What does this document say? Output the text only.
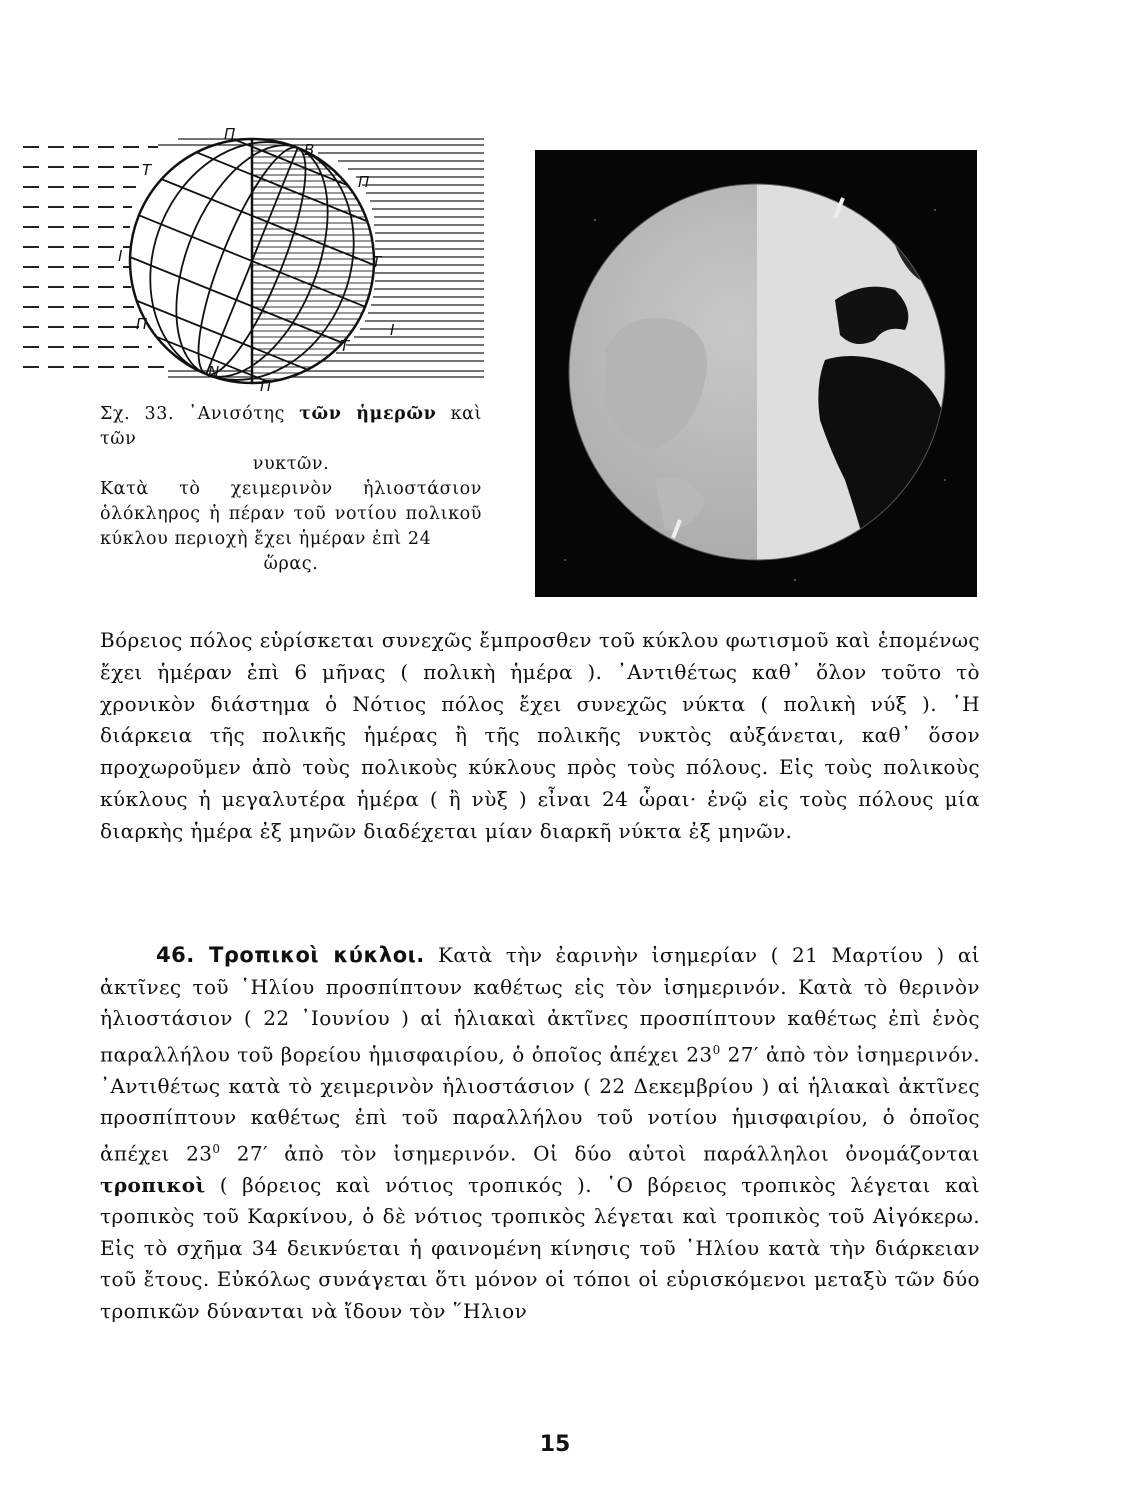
Π
Β
Π
Τ
Τ
Ι
Ι
Π
Τ
Ν
Π
Σχ. 33. ᾿Ανισότης τῶν ἡμερῶν καὶ τῶν
νυκτῶν.
Κατὰ τὸ χειμερινὸν ἡλιοστάσιον ὁλόκληρος ἡ πέραν τοῦ νοτίου πολικοῦ κύκλου περιοχὴ ἔχει ἡμέραν ἐπὶ 24
ὥρας.
Βόρειος πόλος εὑρίσκεται συνεχῶς ἔμπροσθεν τοῦ κύκλου φωτισμοῦ καὶ ἑπομένως ἔχει ἡμέραν ἐπὶ 6 μῆνας ( πολικὴ ἡμέρα ). ᾿Αντιθέτως καθ᾽ ὅλον τοῦτο τὸ χρονικὸν διάστημα ὁ Νότιος πόλος ἔχει συνεχῶς νύκτα ( πολικὴ νύξ ). ῾Η διάρκεια τῆς πολικῆς ἡμέρας ἢ τῆς πολικῆς νυκτὸς αὐξάνεται, καθ᾽ ὅσον προχωροῦμεν ἀπὸ τοὺς πολικοὺς κύκλους πρὸς τοὺς πόλους. Εἰς τοὺς πολικοὺς κύκλους ἡ μεγαλυτέρα ἡμέρα ( ἢ νὺξ ) εἶναι 24 ὧραι· ἐνῷ εἰς τοὺς πόλους μία διαρκὴς ἡμέρα ἐξ μηνῶν διαδέχεται μίαν διαρκῆ νύκτα ἐξ μηνῶν.
46. Τροπικοὶ κύκλοι. Κατὰ τὴν ἐαρινὴν ἰσημερίαν ( 21 Μαρτίου ) αἱ ἀκτῖνες τοῦ ῾Ηλίου προσπίπτουν καθέτως εἰς τὸν ἰσημερινόν. Κατὰ τὸ θερινὸν ἡλιοστάσιον ( 22 ᾿Ιουνίου ) αἱ ἡλιακαὶ ἀκτῖνες προσπίπτουν καθέτως ἐπὶ ἑνὸς παραλλήλου τοῦ βορείου ἡμισφαιρίου, ὁ ὁποῖος ἀπέχει $23^0$ 27′ ἀπὸ τὸν ἰσημερινόν. ᾿Αντιθέτως κατὰ τὸ χειμερινὸν ἡλιοστάσιον ( 22 Δεκεμβρίου ) αἱ ἡλιακαὶ ἀκτῖνες προσπίπτουν καθέτως ἐπὶ τοῦ παραλλήλου τοῦ νοτίου ἡμισφαιρίου, ὁ ὁποῖος ἀπέχει $23^0$ 27′ ἀπὸ τὸν ἰσημερινόν. Οἱ δύο αὐτοὶ παράλληλοι ὀνομάζονται τροπικοὶ ( βόρειος καὶ νότιος τροπικός ). ῾Ο βόρειος τροπικὸς λέγεται καὶ τροπικὸς τοῦ Καρκίνου, ὁ δὲ νότιος τροπικὸς λέγεται καὶ τροπικὸς τοῦ Αἰγόκερω. Εἰς τὸ σχῆμα 34 δεικνύεται ἡ φαινομένη κίνησις τοῦ ῾Ηλίου κατὰ τὴν διάρκειαν τοῦ ἔτους. Εὐκόλως συνάγεται ὅτι μόνον οἱ τόποι οἱ εὑρισκόμενοι μεταξὺ τῶν δύο τροπικῶν δύνανται νὰ ἴδουν τὸν ῞Ηλιον
15
